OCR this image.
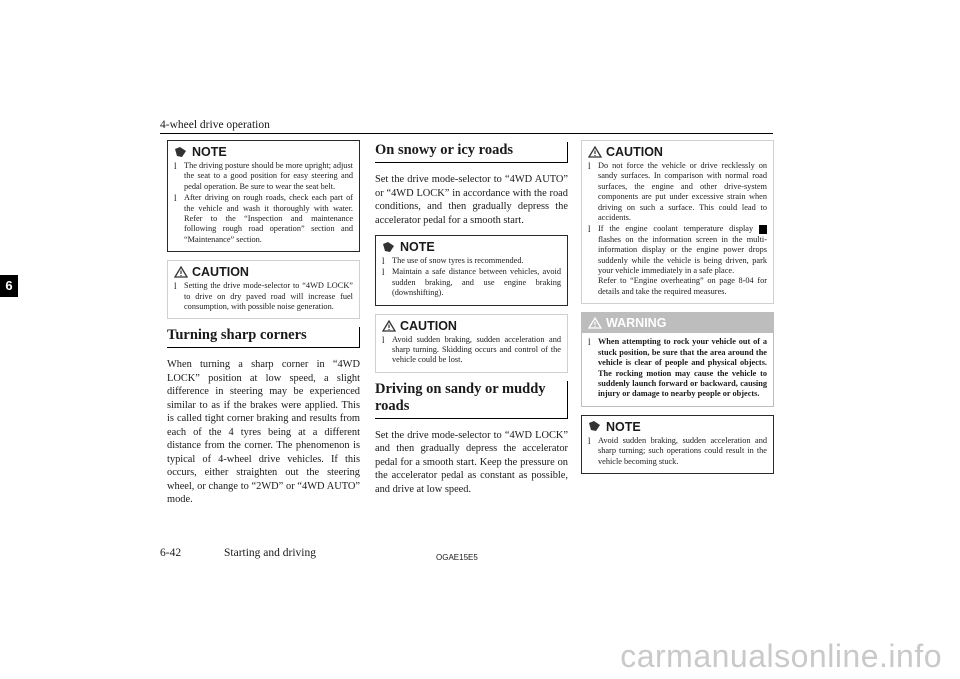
4-wheel drive operation
6
NOTE
l The driving posture should be more upright; adjust the seat to a good position for easy steering and pedal operation. Be sure to wear the seat belt.
l After driving on rough roads, check each part of the vehicle and wash it thoroughly with water. Refer to the “Inspection and maintenance following rough road operation” section and “Maintenance” section.
CAUTION
l Setting the drive mode-selector to “4WD LOCK” to drive on dry paved road will increase fuel consumption, with possible noise generation.
Turning sharp corners
When turning a sharp corner in “4WD LOCK” position at low speed, a slight difference in steering may be experienced similar to as if the brakes were applied. This is called tight corner braking and results from each of the 4 tyres being at a different distance from the corner. The phenomenon is typical of 4-wheel drive vehicles. If this occurs, either straighten out the steering wheel, or change to “2WD” or “4WD AUTO” mode.
On snowy or icy roads
Set the drive mode-selector to “4WD AUTO” or “4WD LOCK” in accordance with the road conditions, and then gradually depress the accelerator pedal for a smooth start.
NOTE
l The use of snow tyres is recommended.
l Maintain a safe distance between vehicles, avoid sudden braking, and use engine braking (downshifting).
CAUTION
l Avoid sudden braking, sudden acceleration and sharp turning. Skidding occurs and control of the vehicle could be lost.
Driving on sandy or muddy roads
Set the drive mode-selector to “4WD LOCK” and then gradually depress the accelerator pedal for a smooth start. Keep the pressure on the accelerator pedal as constant as possible, and drive at low speed.
CAUTION
l Do not force the vehicle or drive recklessly on sandy surfaces. In comparison with normal road surfaces, the engine and other drive-system components are put under excessive strain when driving on such a surface. This could lead to accidents.
l If the engine coolant temperature display  flashes on the information screen in the multi-information display or the engine power drops suddenly while the vehicle is being driven, park your vehicle immediately in a safe place.
Refer to “Engine overheating” on page 8-04 for details and take the required measures.
WARNING
l When attempting to rock your vehicle out of a stuck position, be sure that the area around the vehicle is clear of people and physical objects. The rocking motion may cause the vehicle to suddenly launch forward or backward, causing injury or damage to nearby people or objects.
NOTE
l Avoid sudden braking, sudden acceleration and sharp turning; such operations could result in the vehicle becoming stuck.
6-42	Starting and driving	OGAE15E5
carmanualsonline.info
